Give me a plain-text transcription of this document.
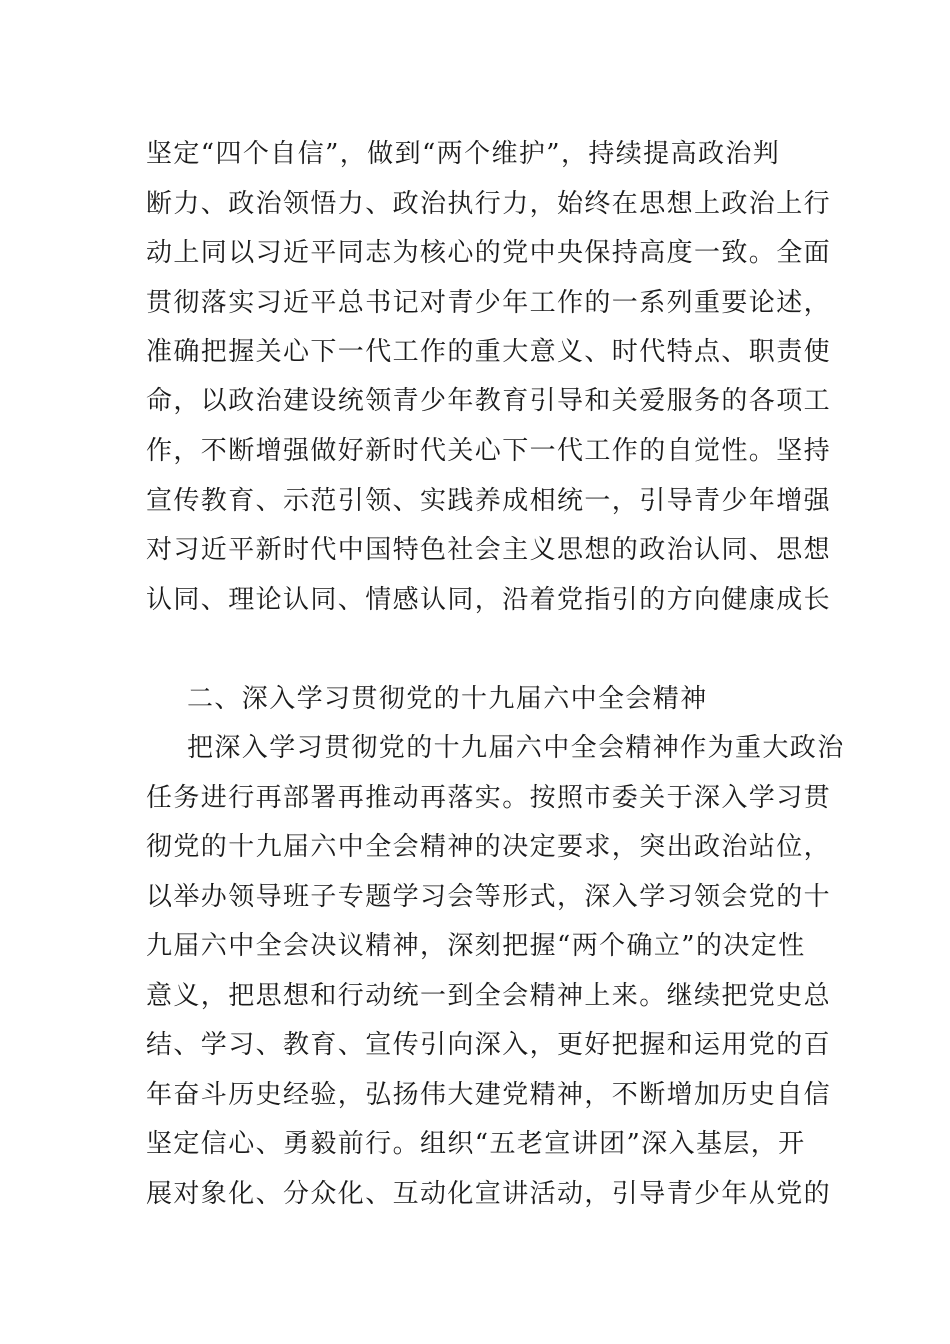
坚定“四个自信”，做到“两个维护”，持续提高政治判
断力、政治领悟力、政治执行力，始终在思想上政治上行
动上同以习近平同志为核心的党中央保持高度一致。全面
贯彻落实习近平总书记对青少年工作的一系列重要论述，
准确把握关心下一代工作的重大意义、时代特点、职责使
命，以政治建设统领青少年教育引导和关爱服务的各项工
作，不断增强做好新时代关心下一代工作的自觉性。坚持
宣传教育、示范引领、实践养成相统一，引导青少年增强
对习近平新时代中国特色社会主义思想的政治认同、思想
认同、理论认同、情感认同，沿着党指引的方向健康成长
二、深入学习贯彻党的十九届六中全会精神
把深入学习贯彻党的十九届六中全会精神作为重大政治
任务进行再部署再推动再落实。按照市委关于深入学习贯
彻党的十九届六中全会精神的决定要求，突出政治站位，
以举办领导班子专题学习会等形式，深入学习领会党的十
九届六中全会决议精神，深刻把握“两个确立”的决定性
意义，把思想和行动统一到全会精神上来。继续把党史总
结、学习、教育、宣传引向深入，更好把握和运用党的百
年奋斗历史经验，弘扬伟大建党精神，不断增加历史自信
坚定信心、勇毅前行。组织“五老宣讲团”深入基层，开
展对象化、分众化、互动化宣讲活动，引导青少年从党的
